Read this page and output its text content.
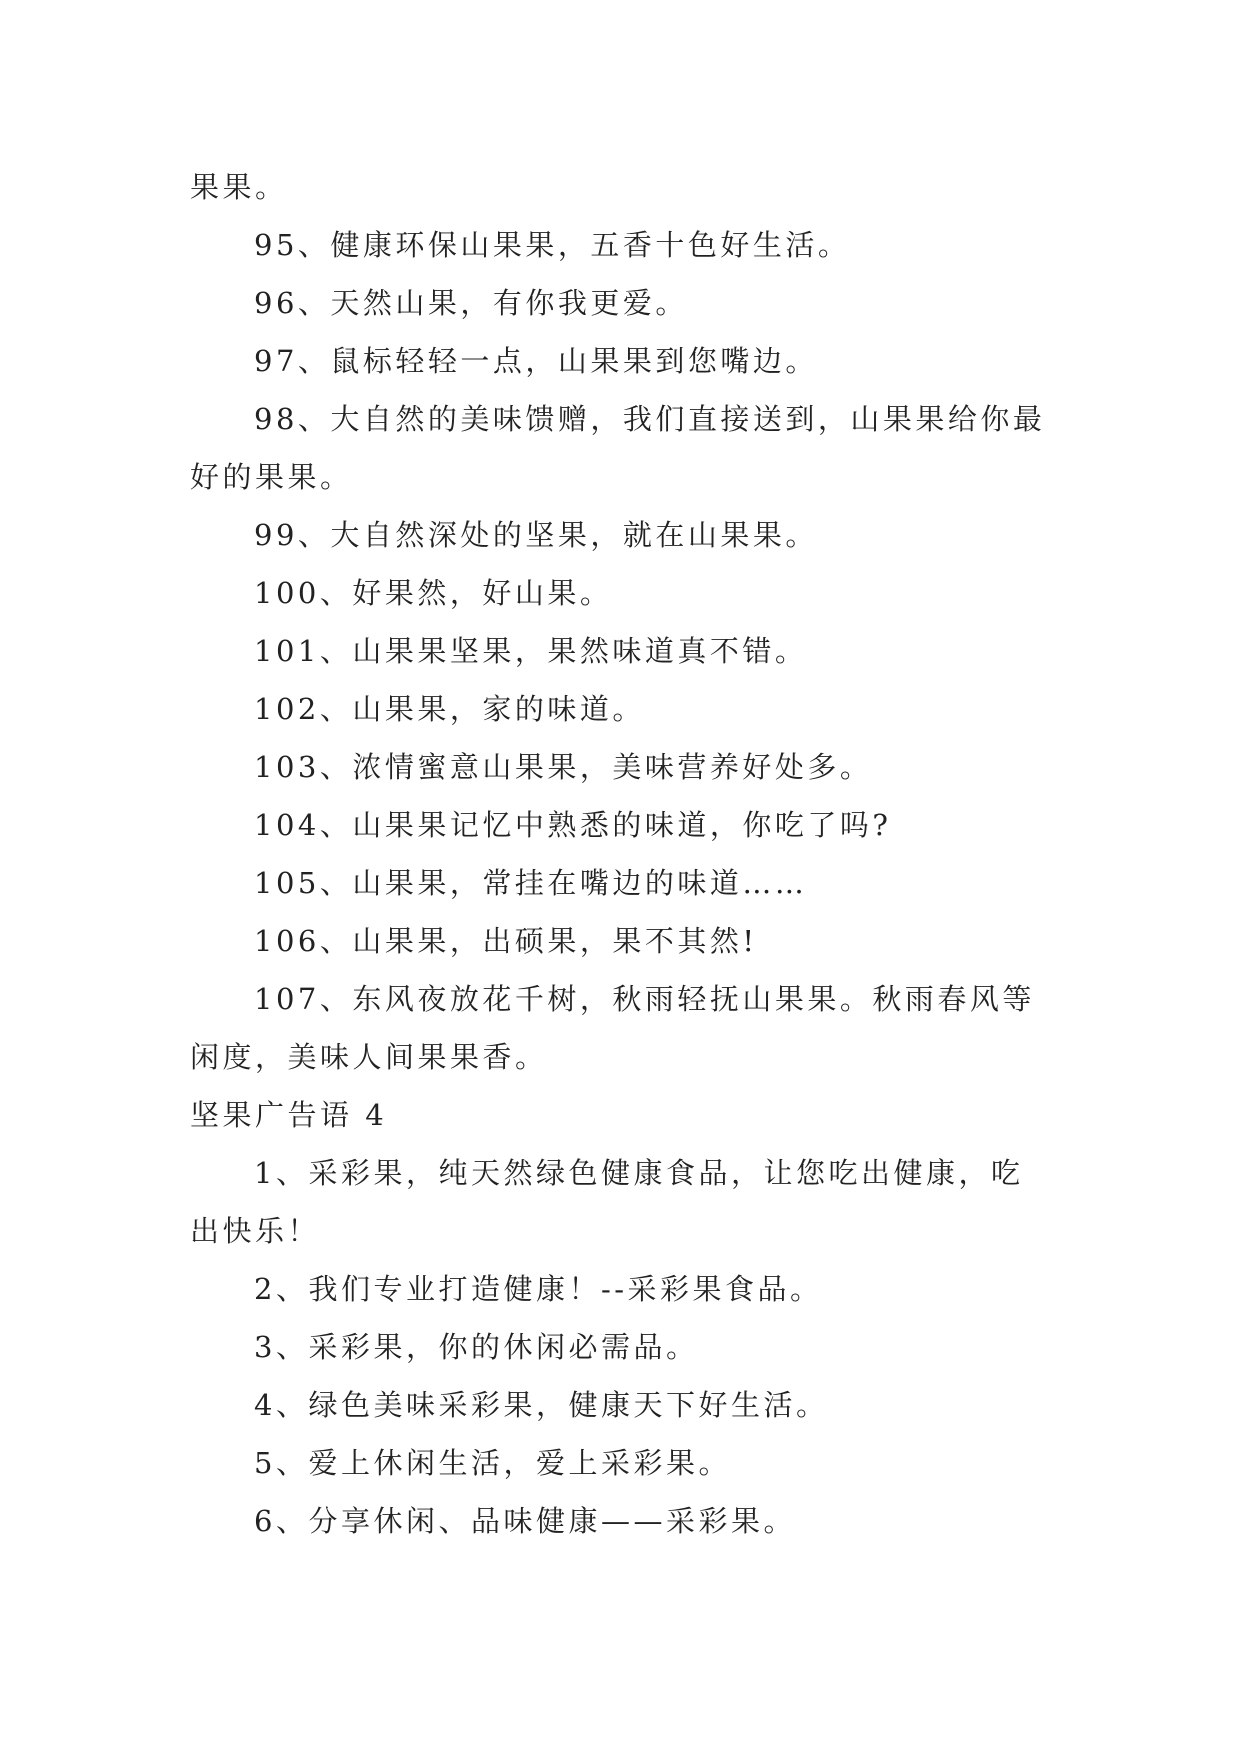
果果。

95、健康环保山果果，五香十色好生活。

96、天然山果，有你我更爱。

97、鼠标轻轻一点，山果果到您嘴边。

98、大自然的美味馈赠，我们直接送到，山果果给你最

好的果果。

99、大自然深处的坚果，就在山果果。

100、好果然，好山果。

101、山果果坚果，果然味道真不错。

102、山果果，家的味道。

103、浓情蜜意山果果，美味营养好处多。

104、山果果记忆中熟悉的味道，你吃了吗?

105、山果果，常挂在嘴边的味道……

106、山果果，出硕果，果不其然!

107、东风夜放花千树，秋雨轻抚山果果。秋雨春风等

闲度，美味人间果果香。

坚果广告语 4

1、采彩果，纯天然绿色健康食品，让您吃出健康，吃

出快乐！

2、我们专业打造健康！--采彩果食品。

3、采彩果，你的休闲必需品。

4、绿色美味采彩果，健康天下好生活。

5、爱上休闲生活，爱上采彩果。

6、分享休闲、品味健康——采彩果。
